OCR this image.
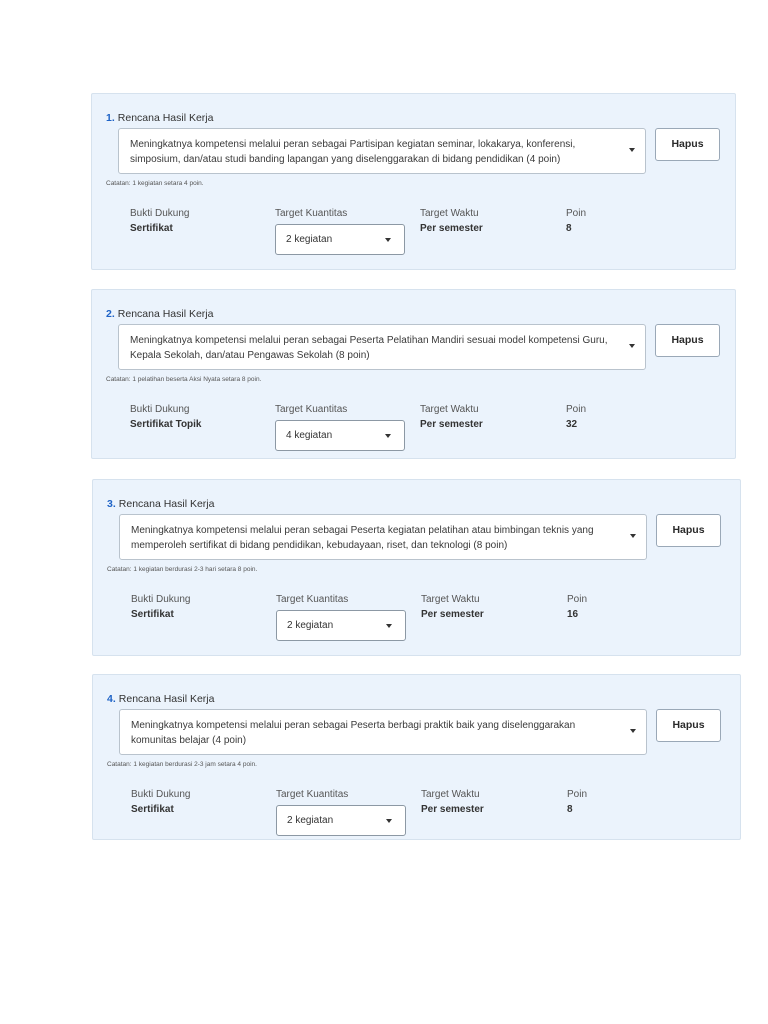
1. Rencana Hasil Kerja
Meningkatnya kompetensi melalui peran sebagai Partisipan kegiatan seminar, lokakarya, konferensi, simposium, dan/atau studi banding lapangan yang diselenggarakan di bidang pendidikan (4 poin)
Hapus
Catatan: 1 kegiatan setara 4 poin.
Bukti Dukung
Sertifikat
Target Kuantitas
2 kegiatan
Target Waktu
Per semester
Poin
8
2. Rencana Hasil Kerja
Meningkatnya kompetensi melalui peran sebagai Peserta Pelatihan Mandiri sesuai model kompetensi Guru, Kepala Sekolah, dan/atau Pengawas Sekolah (8 poin)
Hapus
Catatan: 1 pelatihan beserta Aksi Nyata setara 8 poin.
Bukti Dukung
Sertifikat Topik
Target Kuantitas
4 kegiatan
Target Waktu
Per semester
Poin
32
3. Rencana Hasil Kerja
Meningkatnya kompetensi melalui peran sebagai Peserta kegiatan pelatihan atau bimbingan teknis yang memperoleh sertifikat di bidang pendidikan, kebudayaan, riset, dan teknologi (8 poin)
Hapus
Catatan: 1 kegiatan berdurasi 2-3 hari setara 8 poin.
Bukti Dukung
Sertifikat
Target Kuantitas
2 kegiatan
Target Waktu
Per semester
Poin
16
4. Rencana Hasil Kerja
Meningkatnya kompetensi melalui peran sebagai Peserta berbagi praktik baik yang diselenggarakan komunitas belajar (4 poin)
Hapus
Catatan: 1 kegiatan berdurasi 2-3 jam setara 4 poin.
Bukti Dukung
Sertifikat
Target Kuantitas
2 kegiatan
Target Waktu
Per semester
Poin
8
